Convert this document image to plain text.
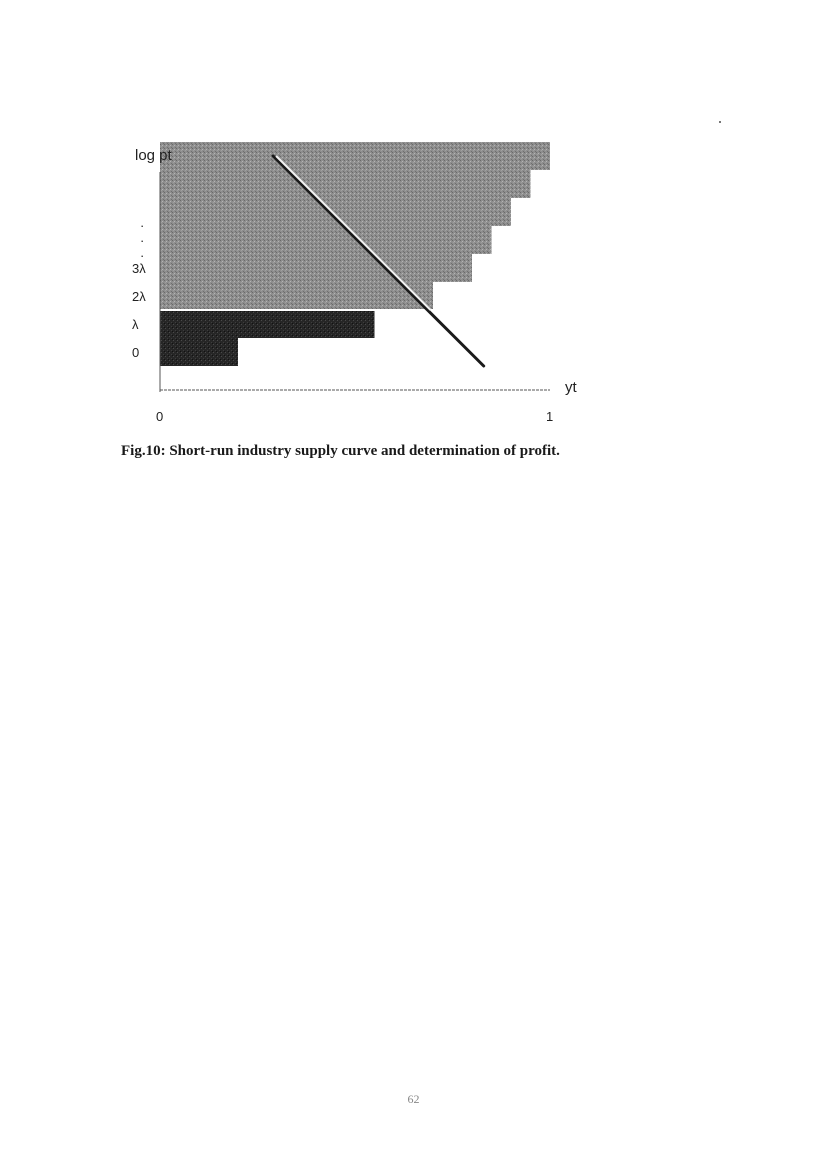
log pt
yt
0
λ
2λ
3λ
0	1
·
·
·
Fig.10: Short-run industry supply curve and determination of profit.
62
